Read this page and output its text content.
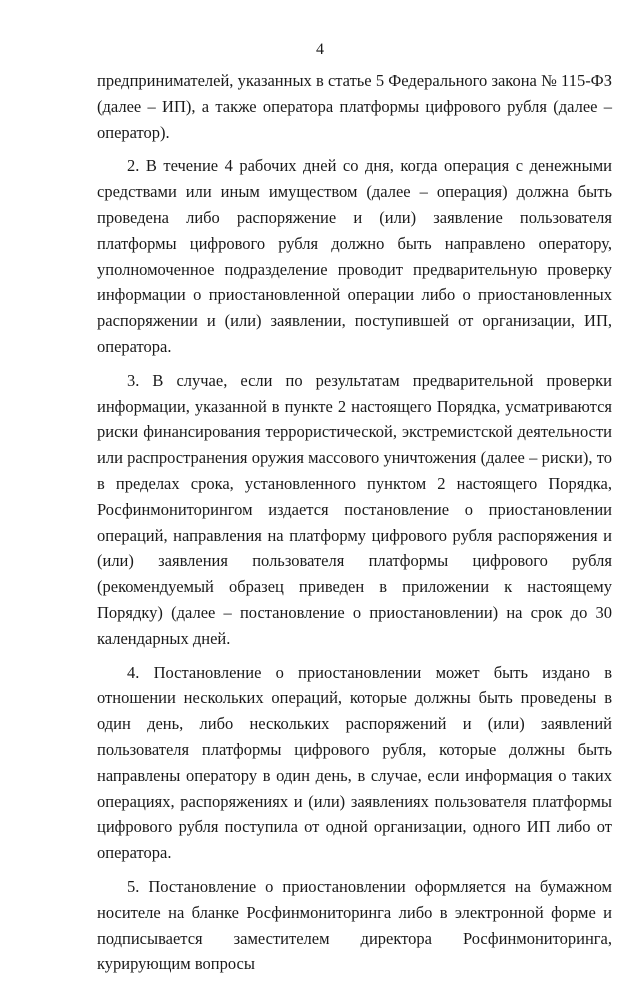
4

предпринимателей, указанных в статье 5 Федерального закона № 115-ФЗ (далее – ИП), а также оператора платформы цифрового рубля (далее – оператор).

2. В течение 4 рабочих дней со дня, когда операция с денежными средствами или иным имуществом (далее – операция) должна быть проведена либо распоряжение и (или) заявление пользователя платформы цифрового рубля должно быть направлено оператору, уполномоченное подразделение проводит предварительную проверку информации о приостановленной операции либо о приостановленных распоряжении и (или) заявлении, поступившей от организации, ИП, оператора.

3. В случае, если по результатам предварительной проверки информации, указанной в пункте 2 настоящего Порядка, усматриваются риски финансирования террористической, экстремистской деятельности или распространения оружия массового уничтожения (далее – риски), то в пределах срока, установленного пунктом 2 настоящего Порядка, Росфинмониторингом издается постановление о приостановлении операций, направления на платформу цифрового рубля распоряжения и (или) заявления пользователя платформы цифрового рубля (рекомендуемый образец приведен в приложении к настоящему Порядку) (далее – постановление о приостановлении) на срок до 30 календарных дней.

4. Постановление о приостановлении может быть издано в отношении нескольких операций, которые должны быть проведены в один день, либо нескольких распоряжений и (или) заявлений пользователя платформы цифрового рубля, которые должны быть направлены оператору в один день, в случае, если информация о таких операциях, распоряжениях и (или) заявлениях пользователя платформы цифрового рубля поступила от одной организации, одного ИП либо от оператора.

5. Постановление о приостановлении оформляется на бумажном носителе на бланке Росфинмониторинга либо в электронной форме и подписывается заместителем директора Росфинмониторинга, курирующим вопросы
